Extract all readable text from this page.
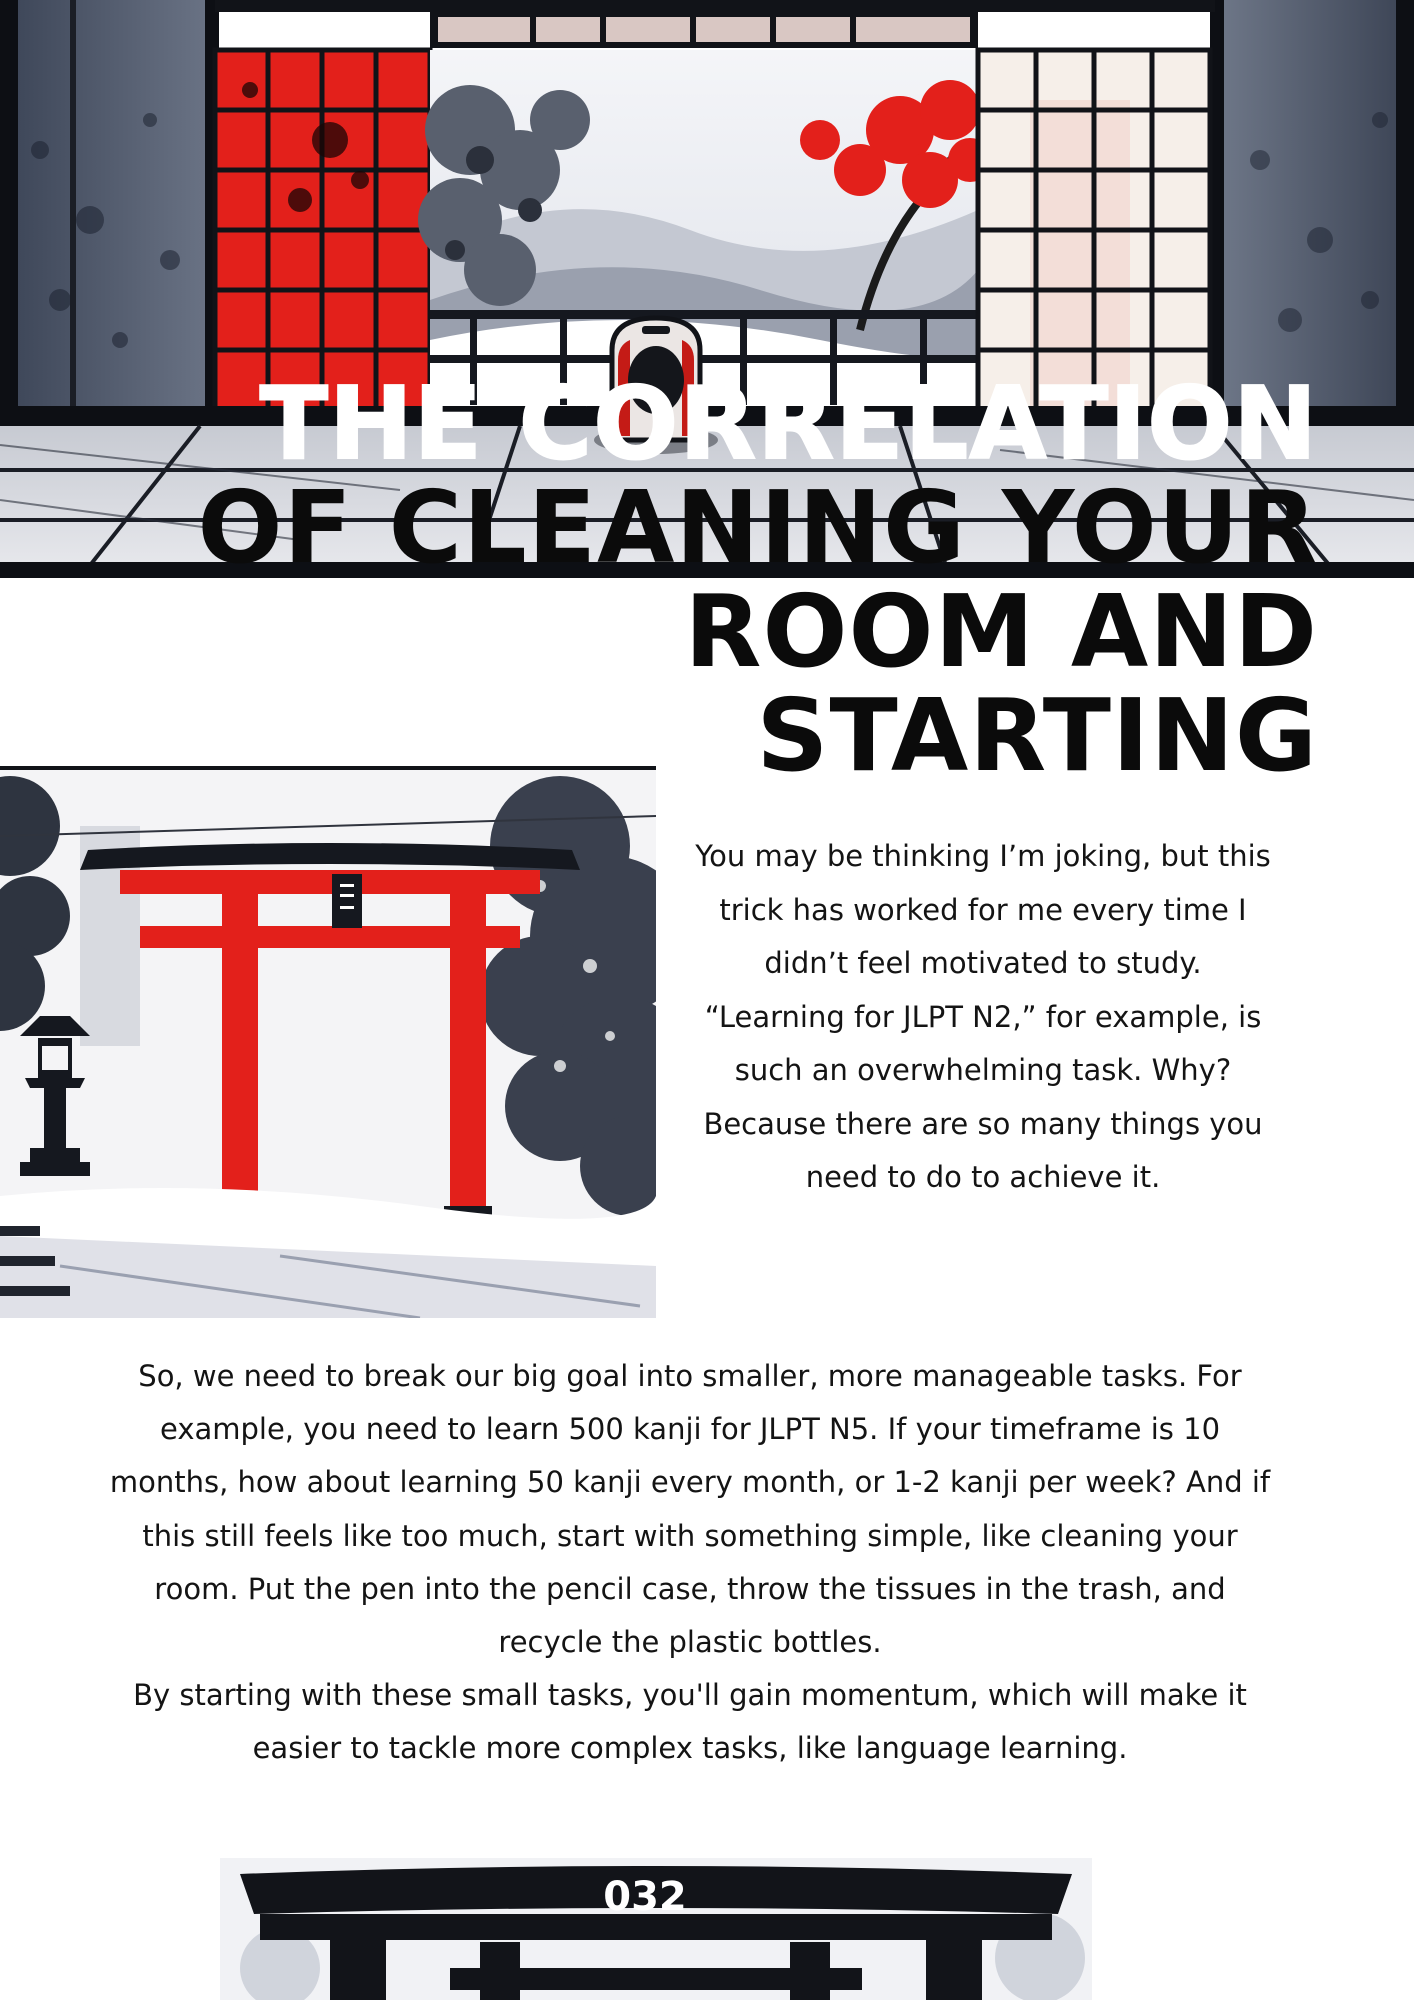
THE CORRELATION
OF CLEANING YOUR
ROOM AND
STARTING

You may be thinking I’m joking, but this trick has worked for me every time I didn’t feel motivated to study.

“Learning for JLPT N2,” for example, is such an overwhelming task. Why? Because there are so many things you need to do to achieve it.

So, we need to break our big goal into smaller, more manageable tasks. For example, you need to learn 500 kanji for JLPT N5. If your timeframe is 10 months, how about learning 50 kanji every month, or 1-2 kanji per week? And if this still feels like too much, start with something simple, like cleaning your room. Put the pen into the pencil case, throw the tissues in the trash, and recycle the plastic bottles.

By starting with these small tasks, you'll gain momentum, which will make it easier to tackle more complex tasks, like language learning.

032
